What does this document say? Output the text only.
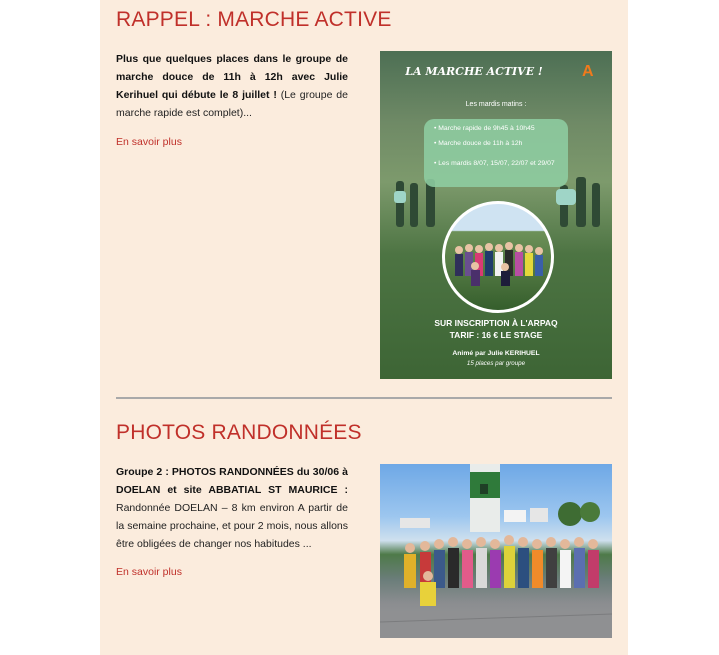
RAPPEL : MARCHE ACTIVE
Plus que quelques places dans le groupe de marche douce de 11h à 12h avec Julie Kerihuel qui débute le 8 juillet ! (Le groupe de marche rapide est complet)...
En savoir plus
LA MARCHE ACTIVE !	A
Les mardis matins :
• Marche rapide de 9h45 à 10h45
• Marche douce de 11h à 12h
• Les mardis 8/07, 15/07, 22/07 et 29/07
SUR INSCRIPTION À L'ARPAQ
TARIF : 16 € LE STAGE
Animé par Julie KERIHUEL
15 places par groupe
PHOTOS RANDONNÉES
Groupe 2 : PHOTOS RANDONNÉES du 30/06 à DOELAN et site ABBATIAL ST MAURICE : Randonnée DOELAN – 8 km environ A partir de la semaine prochaine, et pour 2 mois, nous allons être obligées de changer nos habitudes ...
En savoir plus
